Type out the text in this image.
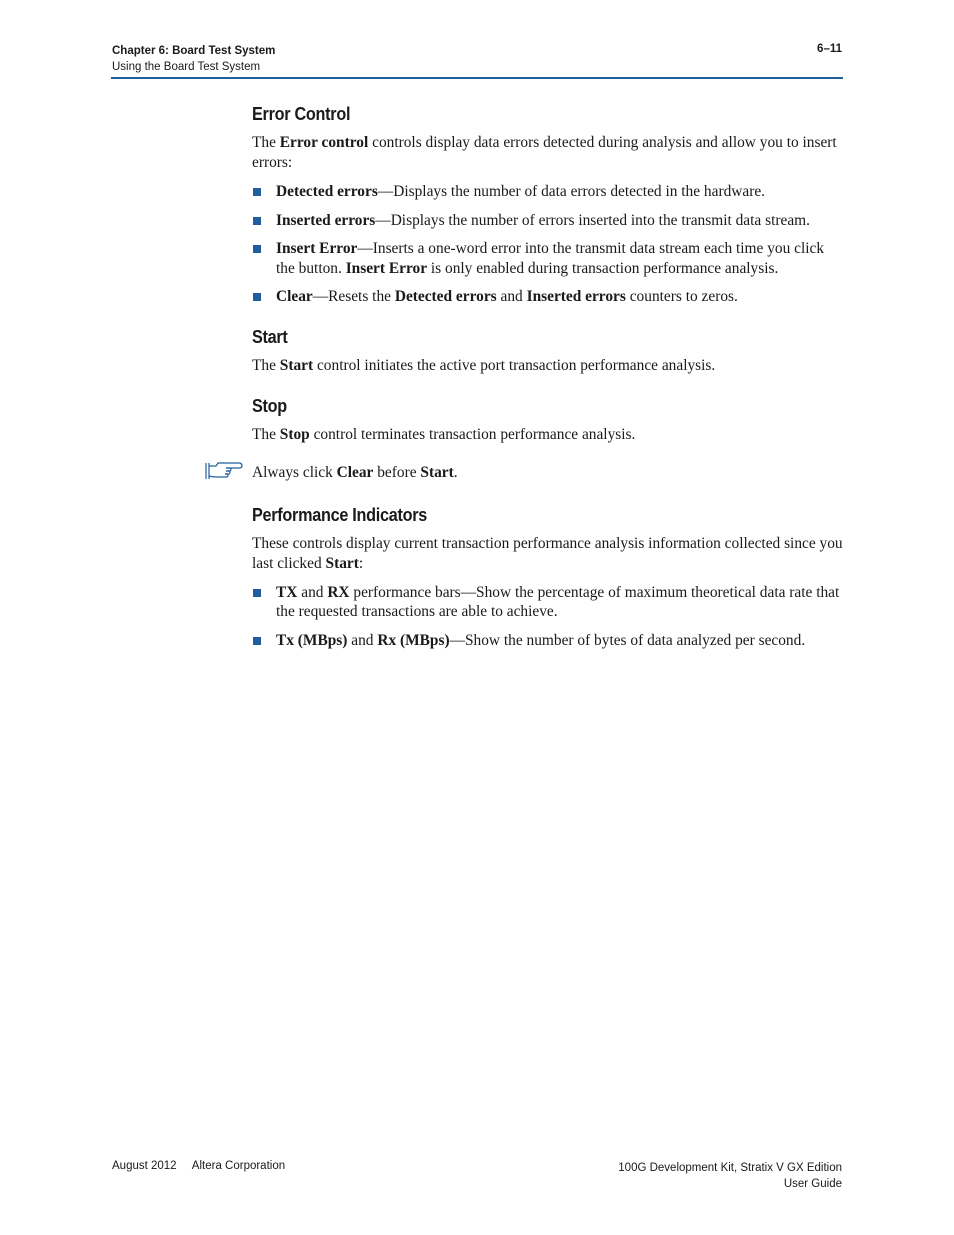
Chapter 6: Board Test System
Using the Board Test System
6–11
Error Control

The Error control controls display data errors detected during analysis and allow you to insert errors:

Detected errors—Displays the number of data errors detected in the hardware.
Inserted errors—Displays the number of errors inserted into the transmit data stream.
Insert Error—Inserts a one-word error into the transmit data stream each time you click the button. Insert Error is only enabled during transaction performance analysis.
Clear—Resets the Detected errors and Inserted errors counters to zeros.
Start

The Start control initiates the active port transaction performance analysis.

Stop

The Stop control terminates transaction performance analysis.

Always click Clear before Start.

Performance Indicators

These controls display current transaction performance analysis information collected since you last clicked Start:

TX and RX performance bars—Show the percentage of maximum theoretical data rate that the requested transactions are able to achieve.
Tx (MBps) and Rx (MBps)—Show the number of bytes of data analyzed per second.
August 2012 Altera Corporation	100G Development Kit, Stratix V GX Edition
User Guide
